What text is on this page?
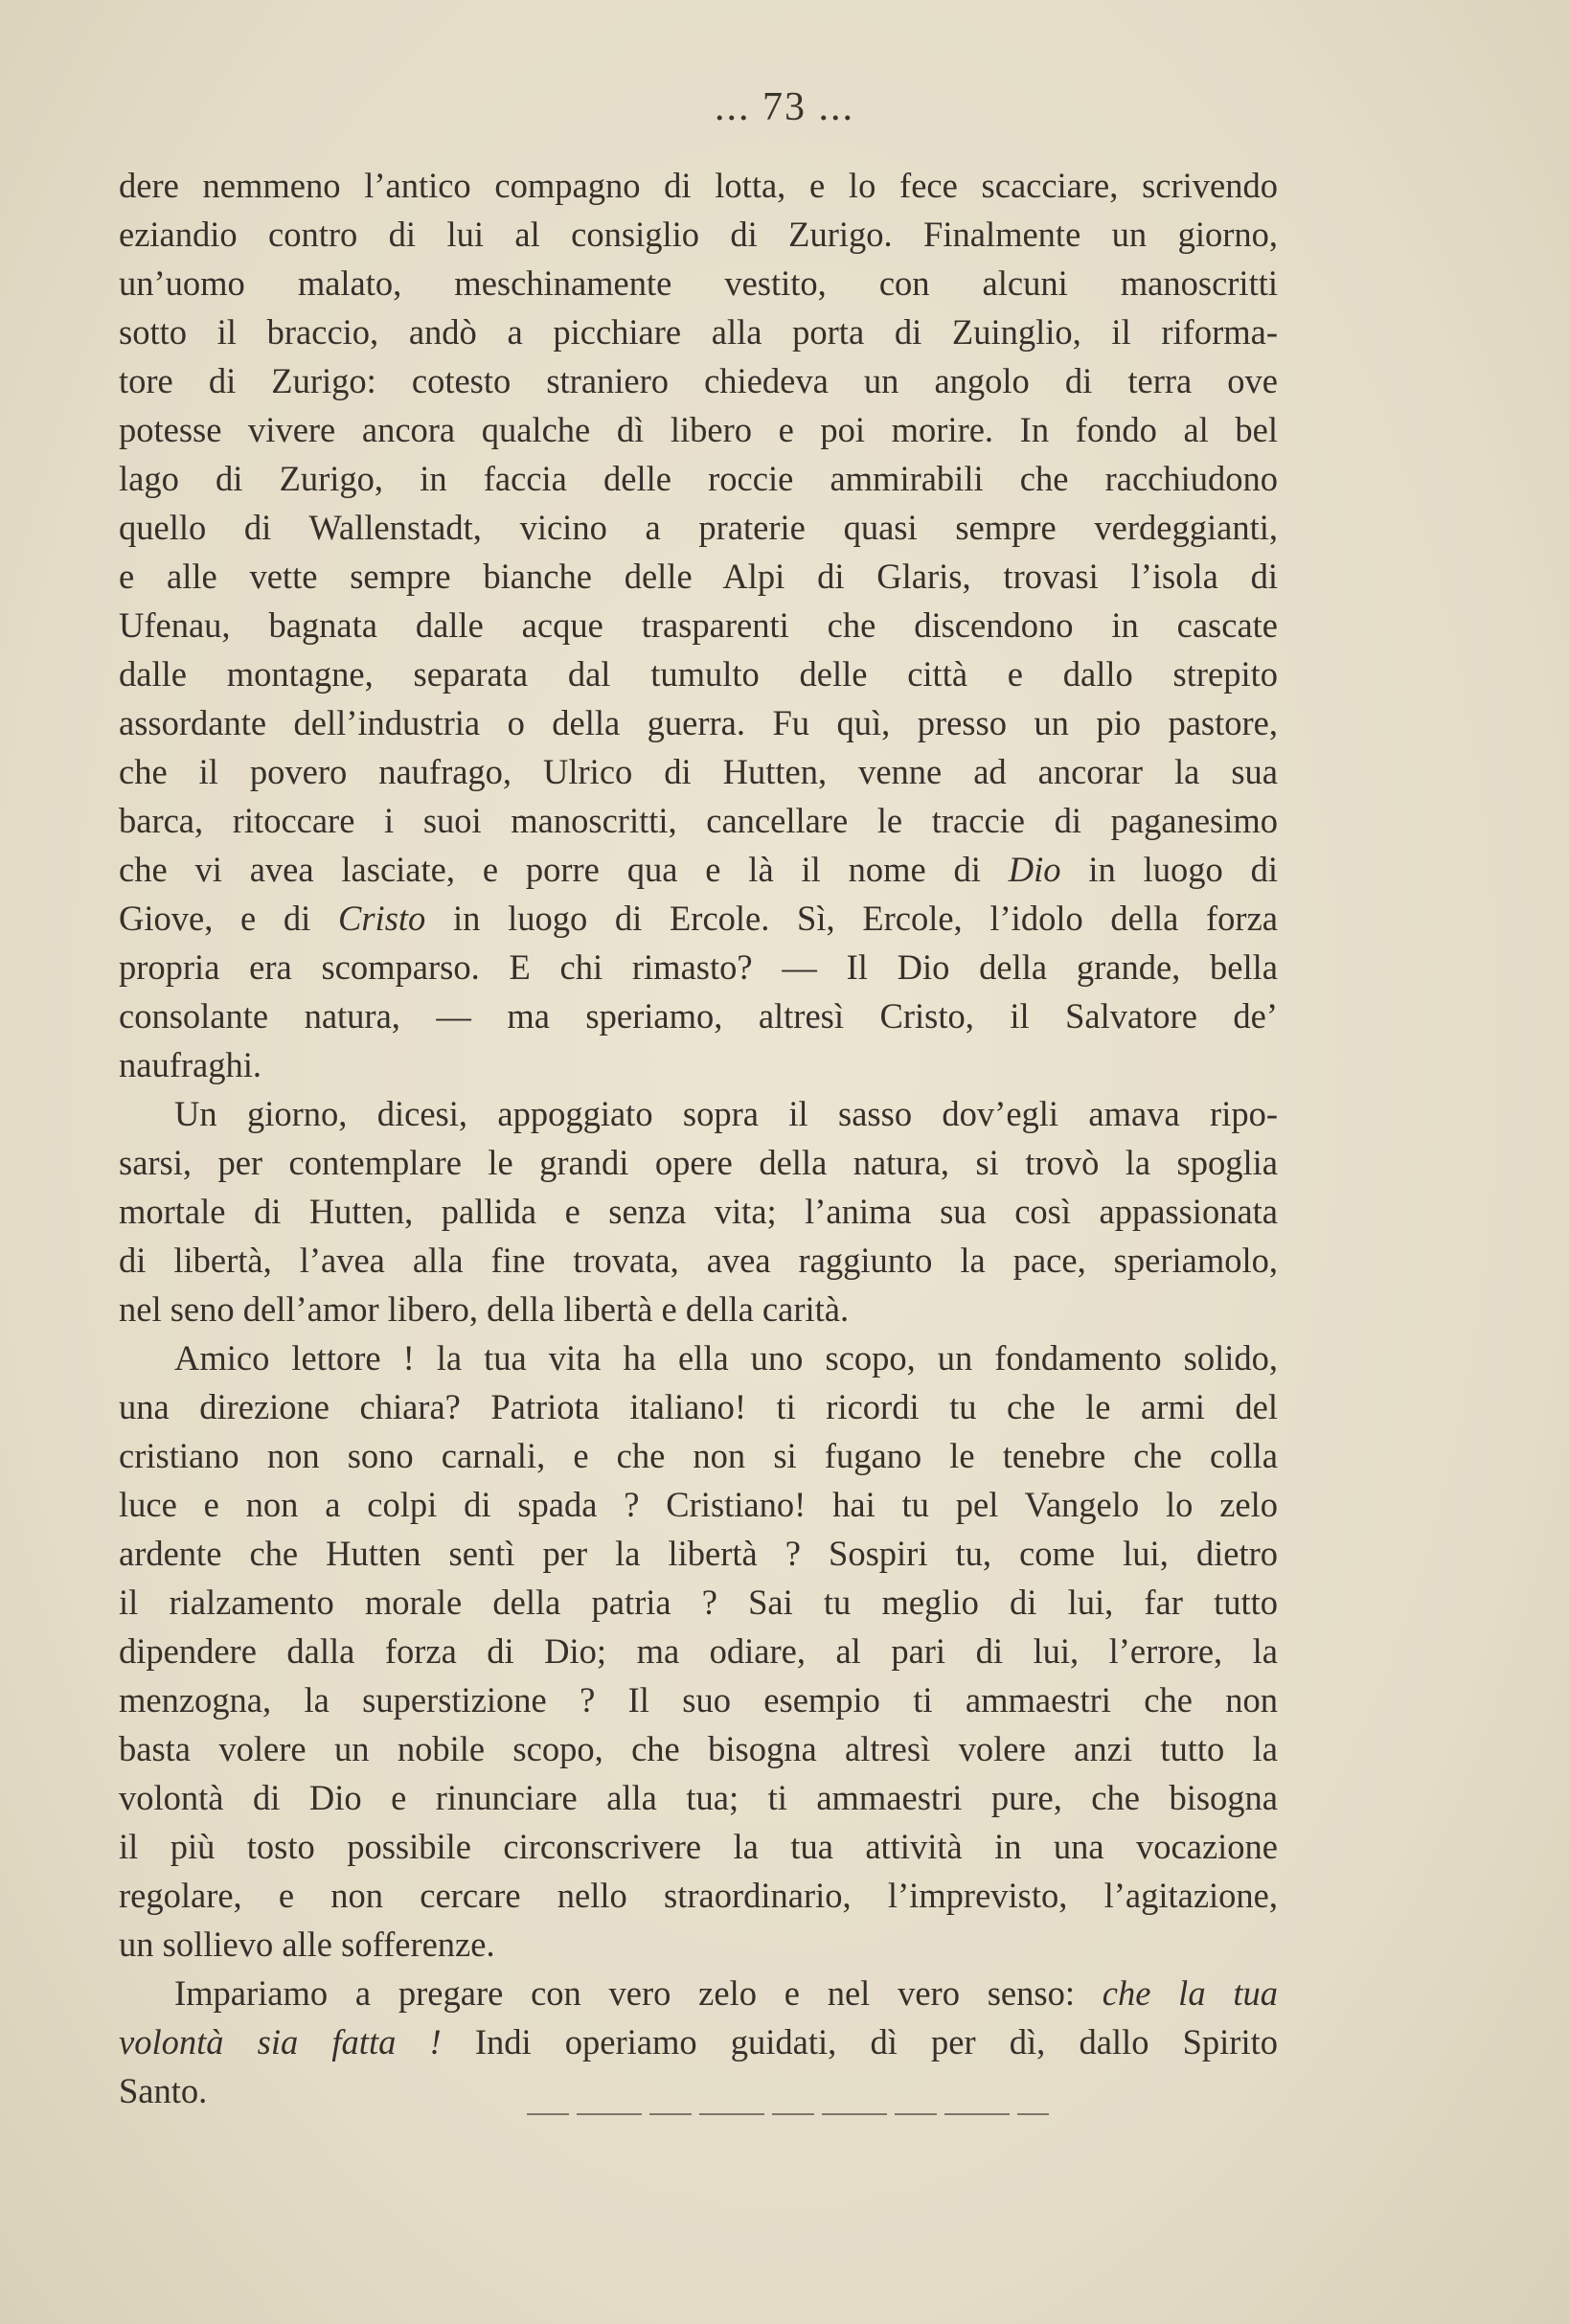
... 73 ...
dere nemmeno l’antico compagno di lotta, e lo fece scacciare, scrivendo
eziandio contro di lui al consiglio di Zurigo. Finalmente un giorno,
un’uomo malato, meschinamente vestito, con alcuni manoscritti
sotto il braccio, andò a picchiare alla porta di Zuinglio, il riforma-
tore di Zurigo: cotesto straniero chiedeva un angolo di terra ove
potesse vivere ancora qualche dì libero e poi morire. In fondo al bel
lago di Zurigo, in faccia delle roccie ammirabili che racchiudono
quello di Wallenstadt, vicino a praterie quasi sempre verdeggianti,
e alle vette sempre bianche delle Alpi di Glaris, trovasi l’isola di
Ufenau, bagnata dalle acque trasparenti che discendono in cascate
dalle montagne, separata dal tumulto delle città e dallo strepito
assordante dell’industria o della guerra. Fu quì, presso un pio pastore,
che il povero naufrago, Ulrico di Hutten, venne ad ancorar la sua
barca, ritoccare i suoi manoscritti, cancellare le traccie di paganesimo
che vi avea lasciate, e porre qua e là il nome di Dio in luogo di
Giove, e di Cristo in luogo di Ercole. Sì, Ercole, l’idolo della forza
propria era scomparso. E chi rimasto? — Il Dio della grande, bella
consolante natura, — ma speriamo, altresì Cristo, il Salvatore de’
naufraghi.
Un giorno, dicesi, appoggiato sopra il sasso dov’egli amava ripo-
sarsi, per contemplare le grandi opere della natura, si trovò la spoglia
mortale di Hutten, pallida e senza vita; l’anima sua così appassionata
di libertà, l’avea alla fine trovata, avea raggiunto la pace, speriamolo,
nel seno dell’amor libero, della libertà e della carità.
Amico lettore ! la tua vita ha ella uno scopo, un fondamento solido,
una direzione chiara? Patriota italiano! ti ricordi tu che le armi del
cristiano non sono carnali, e che non si fugano le tenebre che colla
luce e non a colpi di spada ? Cristiano! hai tu pel Vangelo lo zelo
ardente che Hutten sentì per la libertà ? Sospiri tu, come lui, dietro
il rialzamento morale della patria ? Sai tu meglio di lui, far tutto
dipendere dalla forza di Dio; ma odiare, al pari di lui, l’errore, la
menzogna, la superstizione ? Il suo esempio ti ammaestri che non
basta volere un nobile scopo, che bisogna altresì volere anzi tutto la
volontà di Dio e rinunciare alla tua; ti ammaestri pure, che bisogna
il più tosto possibile circonscrivere la tua attività in una vocazione
regolare, e non cercare nello straordinario, l’imprevisto, l’agitazione,
un sollievo alle sofferenze.
Impariamo a pregare con vero zelo e nel vero senso: che la tua
volontà sia fatta ! Indi operiamo guidati, dì per dì, dallo Spirito
Santo.
